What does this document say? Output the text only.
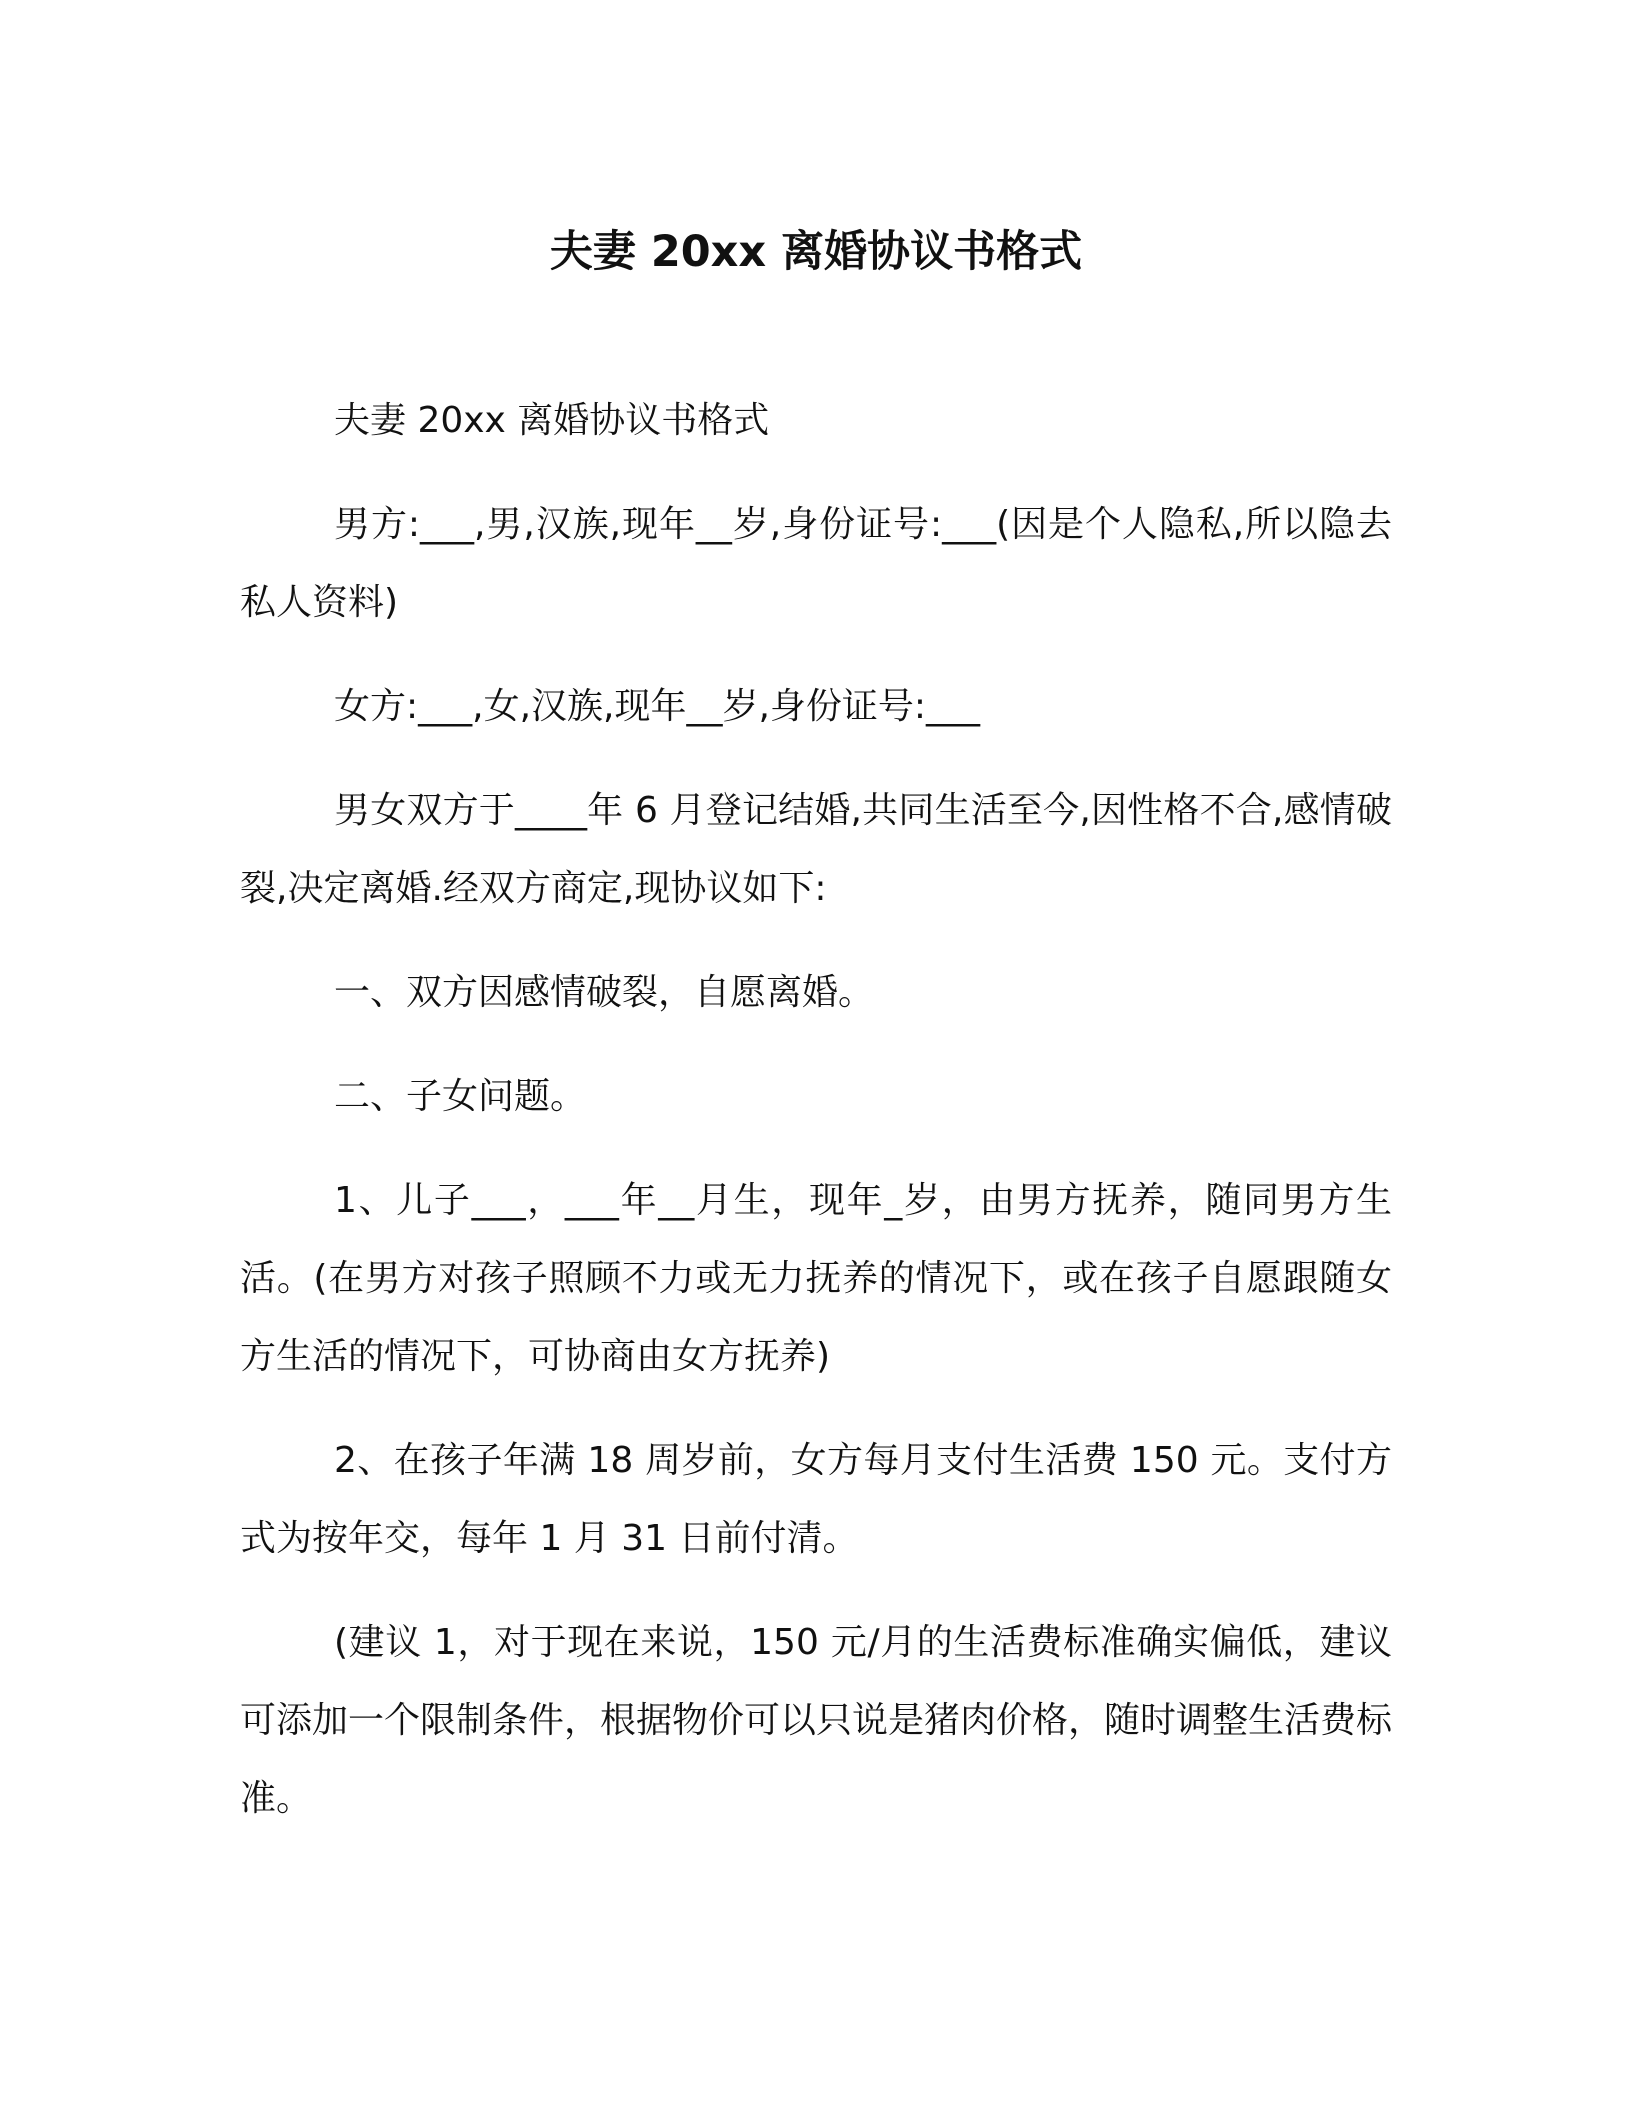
夫妻 20xx 离婚协议书格式

夫妻 20xx 离婚协议书格式

男方:___,男,汉族,现年__岁,身份证号:___(因是个人隐私,所以隐去私人资料)

女方:___,女,汉族,现年__岁,身份证号:___

男女双方于____年 6 月登记结婚,共同生活至今,因性格不合,感情破裂,决定离婚.经双方商定,现协议如下:

一、双方因感情破裂，自愿离婚。

二、子女问题。

1、儿子___，___年__月生，现年_岁，由男方抚养，随同男方生活。(在男方对孩子照顾不力或无力抚养的情况下，或在孩子自愿跟随女方生活的情况下，可协商由女方抚养)

2、在孩子年满 18 周岁前，女方每月支付生活费 150 元。支付方式为按年交，每年 1 月 31 日前付清。

(建议 1，对于现在来说，150 元/月的生活费标准确实偏低，建议可添加一个限制条件，根据物价可以只说是猪肉价格，随时调整生活费标准。
